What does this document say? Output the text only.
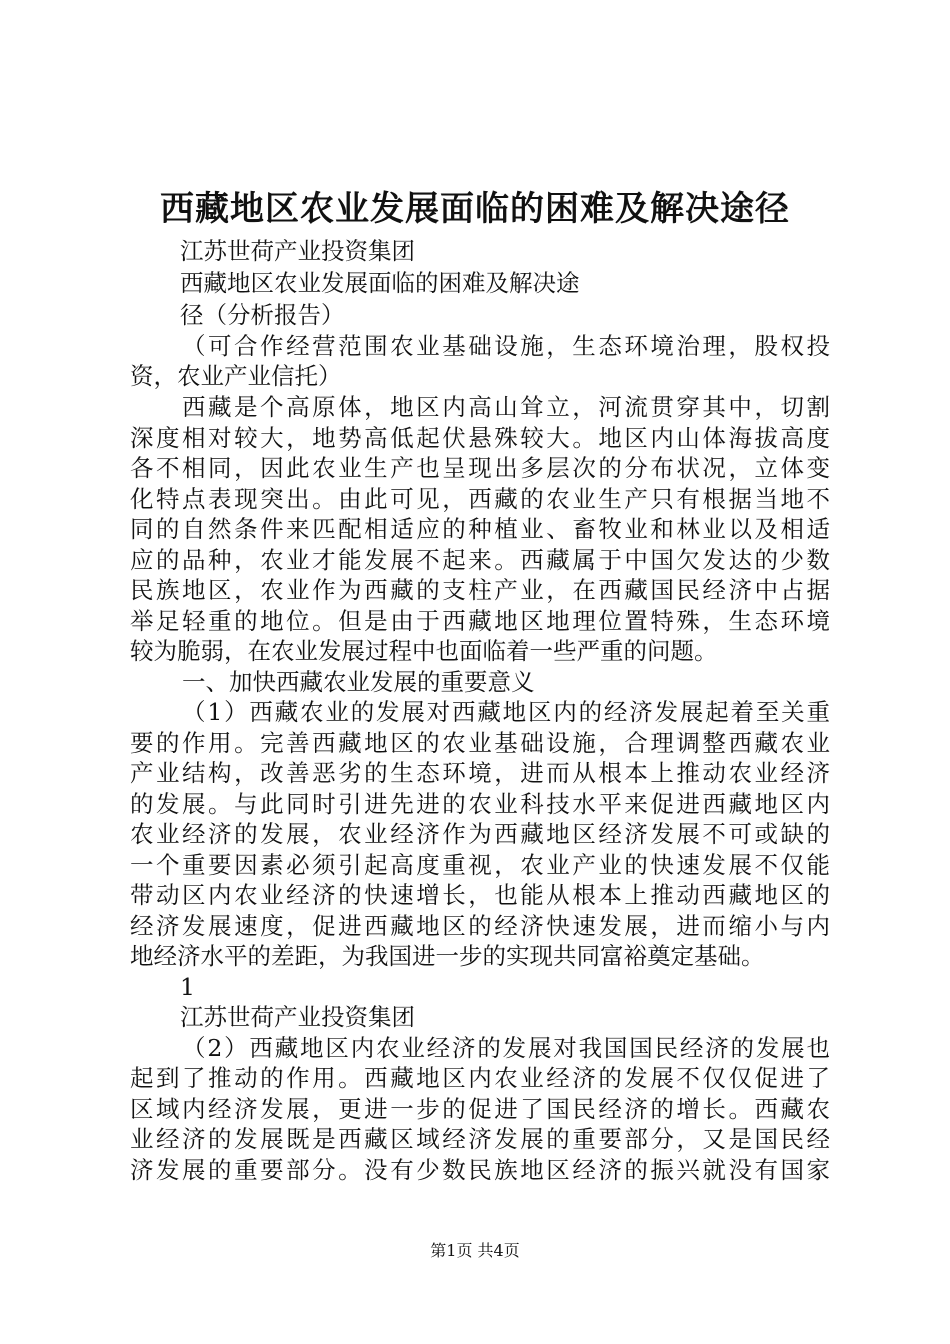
西藏地区农业发展面临的困难及解决途径
江苏世荷产业投资集团
西藏地区农业发展面临的困难及解决途
径（分析报告）
（可合作经营范围农业基础设施，生态环境治理，股权投
资，农业产业信托）
西藏是个高原体，地区内高山耸立，河流贯穿其中，切割
深度相对较大，地势高低起伏悬殊较大。地区内山体海拔高度
各不相同，因此农业生产也呈现出多层次的分布状况，立体变
化特点表现突出。由此可见，西藏的农业生产只有根据当地不
同的自然条件来匹配相适应的种植业、畜牧业和林业以及相适
应的品种，农业才能发展不起来。西藏属于中国欠发达的少数
民族地区，农业作为西藏的支柱产业，在西藏国民经济中占据
举足轻重的地位。但是由于西藏地区地理位置特殊，生态环境
较为脆弱，在农业发展过程中也面临着一些严重的问题。
一、加快西藏农业发展的重要意义
（1）西藏农业的发展对西藏地区内的经济发展起着至关重
要的作用。完善西藏地区的农业基础设施，合理调整西藏农业
产业结构，改善恶劣的生态环境，进而从根本上推动农业经济
的发展。与此同时引进先进的农业科技水平来促进西藏地区内
农业经济的发展，农业经济作为西藏地区经济发展不可或缺的
一个重要因素必须引起高度重视，农业产业的快速发展不仅能
带动区内农业经济的快速增长，也能从根本上推动西藏地区的
经济发展速度，促进西藏地区的经济快速发展，进而缩小与内
地经济水平的差距，为我国进一步的实现共同富裕奠定基础。
1
江苏世荷产业投资集团
（2）西藏地区内农业经济的发展对我国国民经济的发展也
起到了推动的作用。西藏地区内农业经济的发展不仅仅促进了
区域内经济发展，更进一步的促进了国民经济的增长。西藏农
业经济的发展既是西藏区域经济发展的重要部分，又是国民经
济发展的重要部分。没有少数民族地区经济的振兴就没有国家
第1页 共4页
